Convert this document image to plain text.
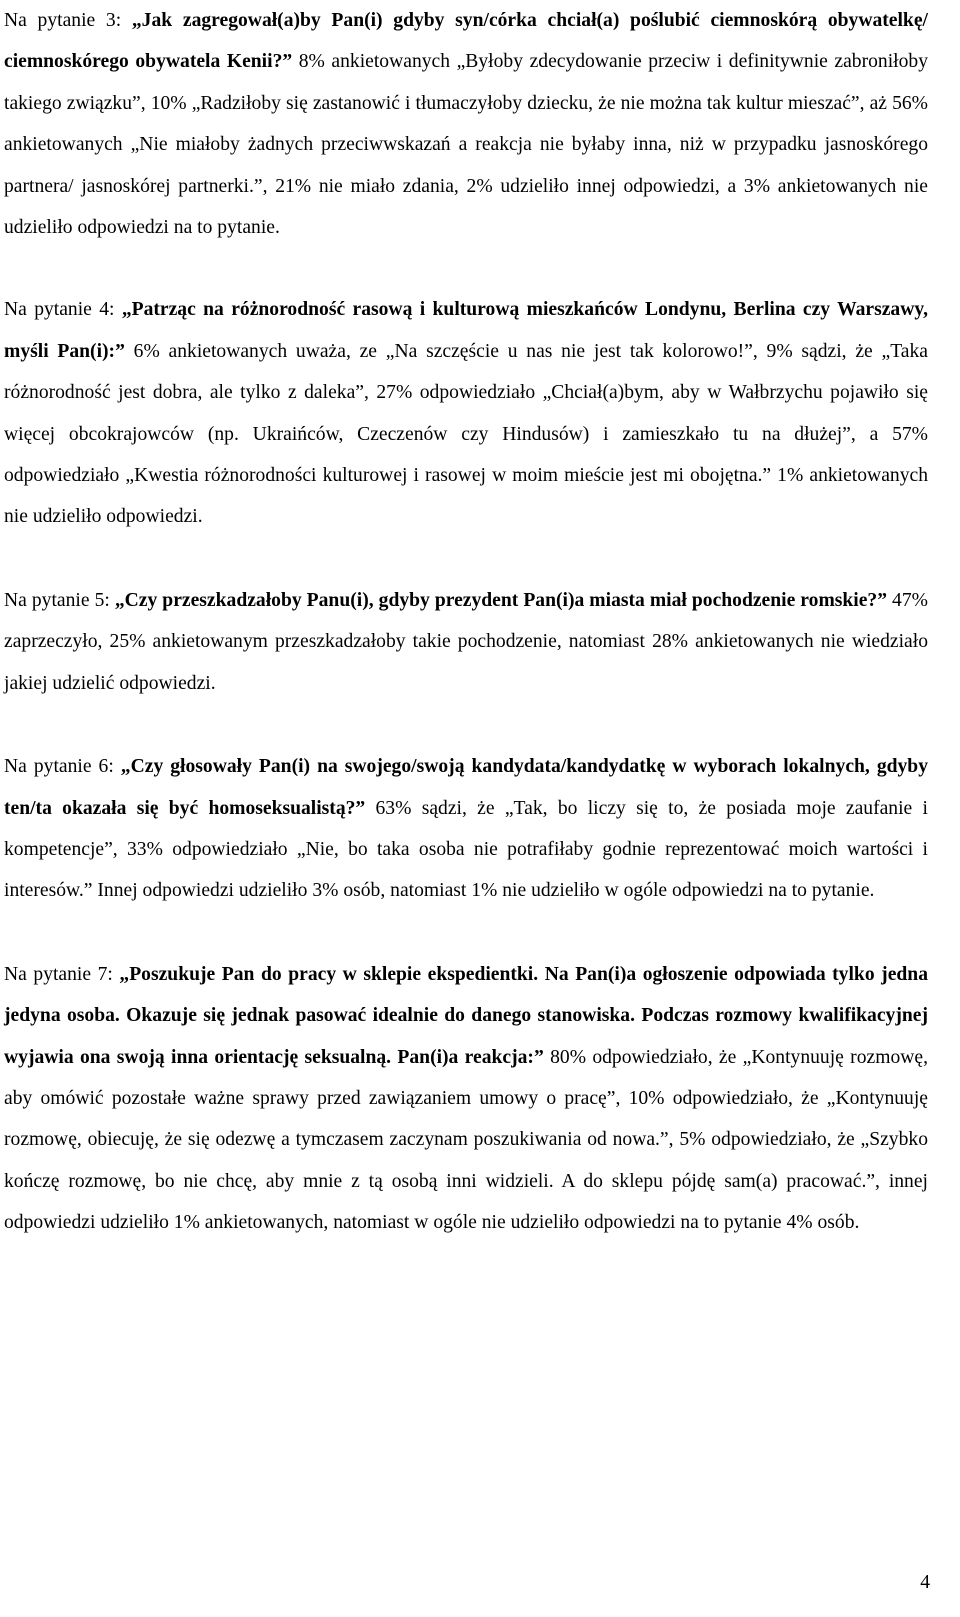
Na pytanie 3: „Jak zagregował(a)by Pan(i) gdyby syn/córka chciał(a) poślubić ciemnoskórą obywatelkę/ ciemnoskórego obywatela Kenii?” 8% ankietowanych „Byłoby zdecydowanie przeciw i definitywnie zabroniłoby takiego związku”, 10% „Radziłoby się zastanowić i tłumaczyłoby dziecku, że nie można tak kultur mieszać”, aż 56% ankietowanych „Nie miałoby żadnych przeciwwskazań a reakcja nie byłaby inna, niż w przypadku jasnoskórego partnera/ jasnoskórej partnerki.”, 21% nie miało zdania, 2% udzieliło innej odpowiedzi, a 3% ankietowanych nie udzieliło odpowiedzi na to pytanie.

Na pytanie 4: „Patrząc na różnorodność rasową i kulturową mieszkańców Londynu, Berlina czy Warszawy, myśli Pan(i):” 6% ankietowanych uważa, ze „Na szczęście u nas nie jest tak kolorowo!”, 9% sądzi, że „Taka różnorodność jest dobra, ale tylko z daleka”, 27% odpowiedziało „Chciał(a)bym, aby w Wałbrzychu pojawiło się więcej obcokrajowców (np. Ukraińców, Czeczenów czy Hindusów) i zamieszkało tu na dłużej”, a 57% odpowiedziało „Kwestia różnorodności kulturowej i rasowej w moim mieście jest mi obojętna.” 1% ankietowanych nie udzieliło odpowiedzi.

Na pytanie 5: „Czy przeszkadzałoby Panu(i), gdyby prezydent Pan(i)a miasta miał pochodzenie romskie?” 47% zaprzeczyło, 25% ankietowanym przeszkadzałoby takie pochodzenie, natomiast 28% ankietowanych nie wiedziało jakiej udzielić odpowiedzi.

Na pytanie 6: „Czy głosowały Pan(i) na swojego/swoją kandydata/kandydatkę w wyborach lokalnych, gdyby ten/ta okazała się być homoseksualistą?” 63% sądzi, że „Tak, bo liczy się to, że posiada moje zaufanie i kompetencje”, 33% odpowiedziało „Nie, bo taka osoba nie potrafiłaby godnie reprezentować moich wartości i interesów.” Innej odpowiedzi udzieliło 3% osób, natomiast 1% nie udzieliło w ogóle odpowiedzi na to pytanie.

Na pytanie 7: „Poszukuje Pan do pracy w sklepie ekspedientki. Na Pan(i)a ogłoszenie odpowiada tylko jedna jedyna osoba. Okazuje się jednak pasować idealnie do danego stanowiska. Podczas rozmowy kwalifikacyjnej wyjawia ona swoją inna orientację seksualną. Pan(i)a reakcja:” 80% odpowiedziało, że „Kontynuuję rozmowę, aby omówić pozostałe ważne sprawy przed zawiązaniem umowy o pracę”, 10% odpowiedziało, że „Kontynuuję rozmowę, obiecuję, że się odezwę a tymczasem zaczynam poszukiwania od nowa.”, 5% odpowiedziało, że „Szybko kończę rozmowę, bo nie chcę, aby mnie z tą osobą inni widzieli. A do sklepu pójdę sam(a) pracować.”, innej odpowiedzi udzieliło 1% ankietowanych, natomiast w ogóle nie udzieliło odpowiedzi na to pytanie 4% osób.

4
